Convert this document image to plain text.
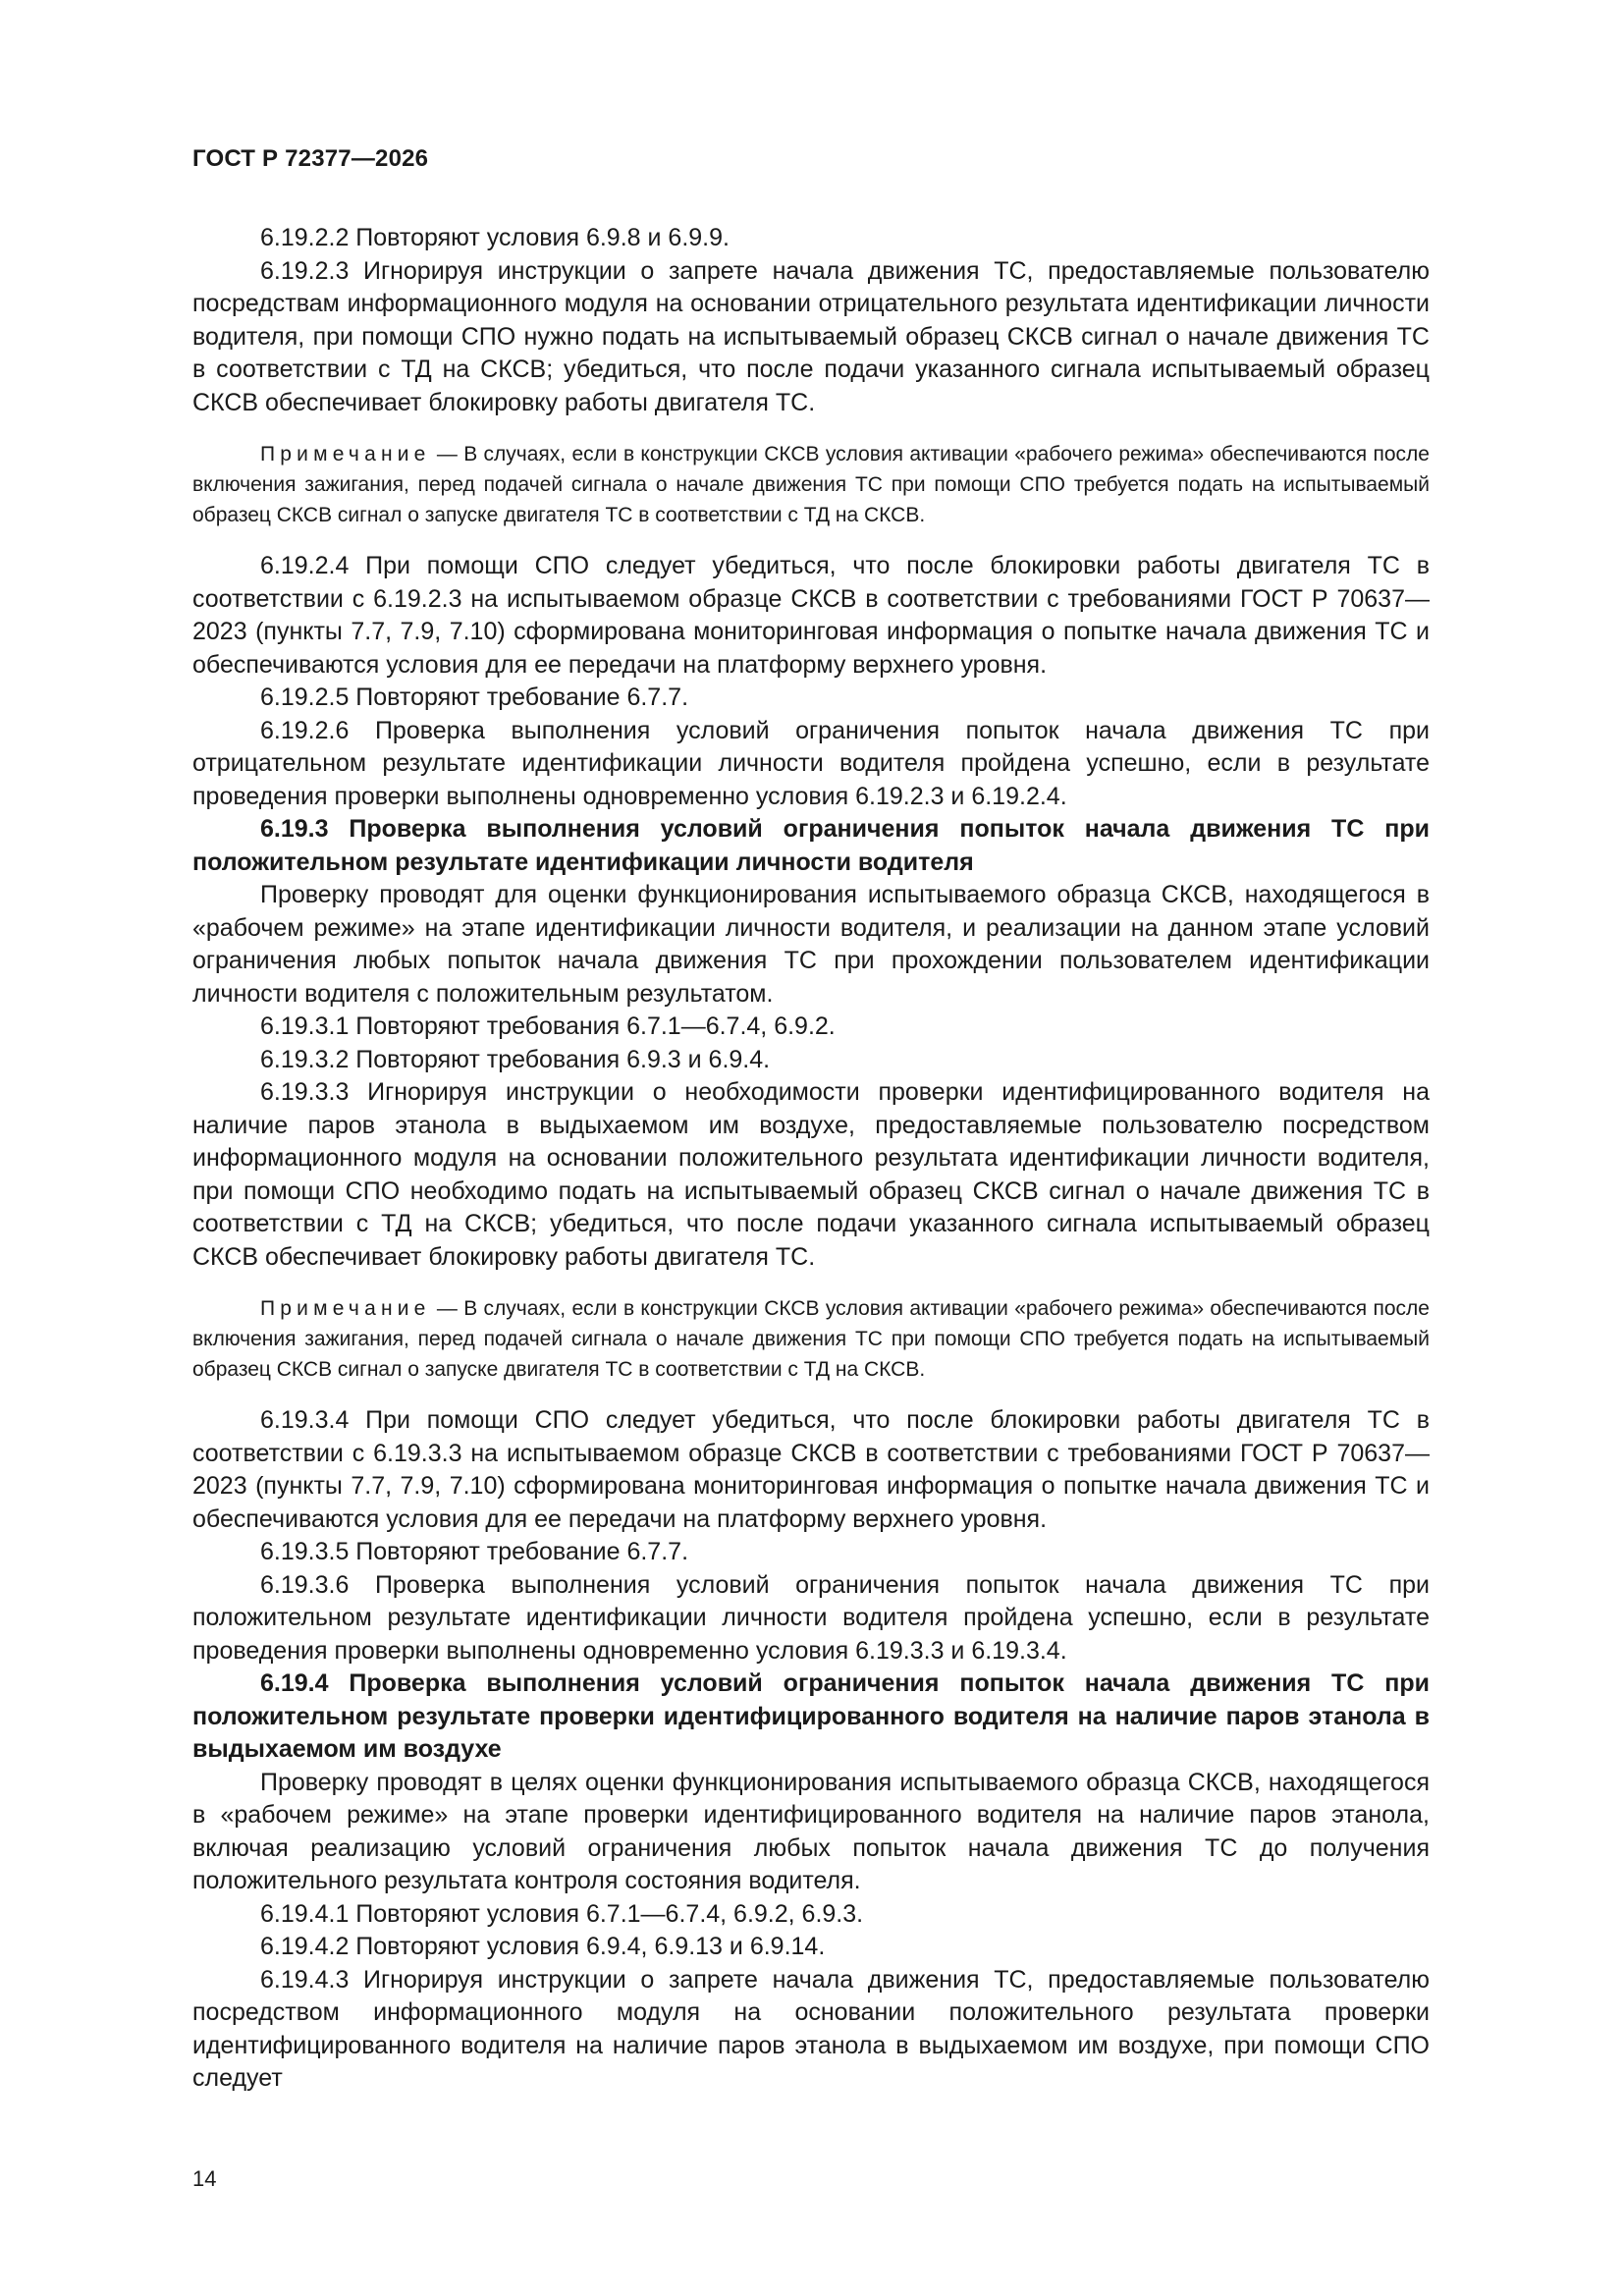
ГОСТ Р 72377—2026

6.19.2.2 Повторяют условия 6.9.8 и 6.9.9.

6.19.2.3 Игнорируя инструкции о запрете начала движения ТС, предоставляемые пользователю посредствам информационного модуля на основании отрицательного результата идентификации личности водителя, при помощи СПО нужно подать на испытываемый образец СКСВ сигнал о начале движения ТС в соответствии с ТД на СКСВ; убедиться, что после подачи указанного сигнала испытываемый образец СКСВ обеспечивает блокировку работы двигателя ТС.

Примечание — В случаях, если в конструкции СКСВ условия активации «рабочего режима» обеспечиваются после включения зажигания, перед подачей сигнала о начале движения ТС при помощи СПО требуется подать на испытываемый образец СКСВ сигнал о запуске двигателя ТС в соответствии с ТД на СКСВ.

6.19.2.4 При помощи СПО следует убедиться, что после блокировки работы двигателя ТС в соответствии с 6.19.2.3 на испытываемом образце СКСВ в соответствии с требованиями ГОСТ Р 70637—2023 (пункты 7.7, 7.9, 7.10) сформирована мониторинговая информация о попытке начала движения ТС и обеспечиваются условия для ее передачи на платформу верхнего уровня.

6.19.2.5 Повторяют требование 6.7.7.

6.19.2.6 Проверка выполнения условий ограничения попыток начала движения ТС при отрицательном результате идентификации личности водителя пройдена успешно, если в результате проведения проверки выполнены одновременно условия 6.19.2.3 и 6.19.2.4.

6.19.3 Проверка выполнения условий ограничения попыток начала движения ТС при положительном результате идентификации личности водителя

Проверку проводят для оценки функционирования испытываемого образца СКСВ, находящегося в «рабочем режиме» на этапе идентификации личности водителя, и реализации на данном этапе условий ограничения любых попыток начала движения ТС при прохождении пользователем идентификации личности водителя с положительным результатом.

6.19.3.1 Повторяют требования 6.7.1—6.7.4, 6.9.2.

6.19.3.2 Повторяют требования 6.9.3 и 6.9.4.

6.19.3.3 Игнорируя инструкции о необходимости проверки идентифицированного водителя на наличие паров этанола в выдыхаемом им воздухе, предоставляемые пользователю посредством информационного модуля на основании положительного результата идентификации личности водителя, при помощи СПО необходимо подать на испытываемый образец СКСВ сигнал о начале движения ТС в соответствии с ТД на СКСВ; убедиться, что после подачи указанного сигнала испытываемый образец СКСВ обеспечивает блокировку работы двигателя ТС.

Примечание — В случаях, если в конструкции СКСВ условия активации «рабочего режима» обеспечиваются после включения зажигания, перед подачей сигнала о начале движения ТС при помощи СПО требуется подать на испытываемый образец СКСВ сигнал о запуске двигателя ТС в соответствии с ТД на СКСВ.

6.19.3.4 При помощи СПО следует убедиться, что после блокировки работы двигателя ТС в соответствии с 6.19.3.3 на испытываемом образце СКСВ в соответствии с требованиями ГОСТ Р 70637—2023 (пункты 7.7, 7.9, 7.10) сформирована мониторинговая информация о попытке начала движения ТС и обеспечиваются условия для ее передачи на платформу верхнего уровня.

6.19.3.5 Повторяют требование 6.7.7.

6.19.3.6 Проверка выполнения условий ограничения попыток начала движения ТС при положительном результате идентификации личности водителя пройдена успешно, если в результате проведения проверки выполнены одновременно условия 6.19.3.3 и 6.19.3.4.

6.19.4 Проверка выполнения условий ограничения попыток начала движения ТС при положительном результате проверки идентифицированного водителя на наличие паров этанола в выдыхаемом им воздухе

Проверку проводят в целях оценки функционирования испытываемого образца СКСВ, находящегося в «рабочем режиме» на этапе проверки идентифицированного водителя на наличие паров этанола, включая реализацию условий ограничения любых попыток начала движения ТС до получения положительного результата контроля состояния водителя.

6.19.4.1 Повторяют условия 6.7.1—6.7.4, 6.9.2, 6.9.3.

6.19.4.2 Повторяют условия 6.9.4, 6.9.13 и 6.9.14.

6.19.4.3 Игнорируя инструкции о запрете начала движения ТС, предоставляемые пользователю посредством информационного модуля на основании положительного результата проверки идентифицированного водителя на наличие паров этанола в выдыхаемом им воздухе, при помощи СПО следует

14
